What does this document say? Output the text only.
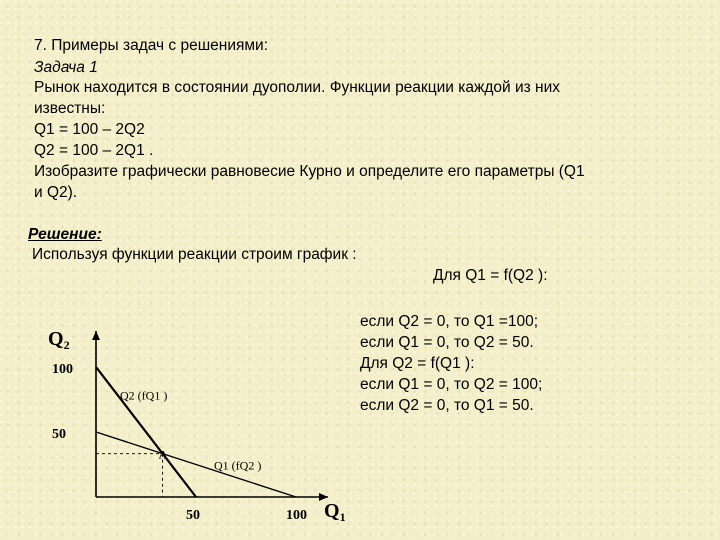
7. Примеры задач с решениями:
Задача 1
Рынок находится в состоянии дуополии. Функции реакции каждой из них
известны:
Q1 = 100 – 2Q2
Q2 = 100 – 2Q1 .
Изобразите графически равновесие Курно и определите его параметры (Q1
и Q2).
Решение:
Используя функции реакции строим график :
Для Q1 = f(Q2 ):
если Q2 = 0, то Q1 =100;
если Q1 = 0, то Q2 = 50.
Для Q2 = f(Q1 ):
если Q1 = 0, то Q2 = 100;
если Q2 = 0, то Q1 = 50.
$Q_2$
$Q_1$
100
50
50	100
Q2 (fQ1 )
Q1 (fQ2 )
A
